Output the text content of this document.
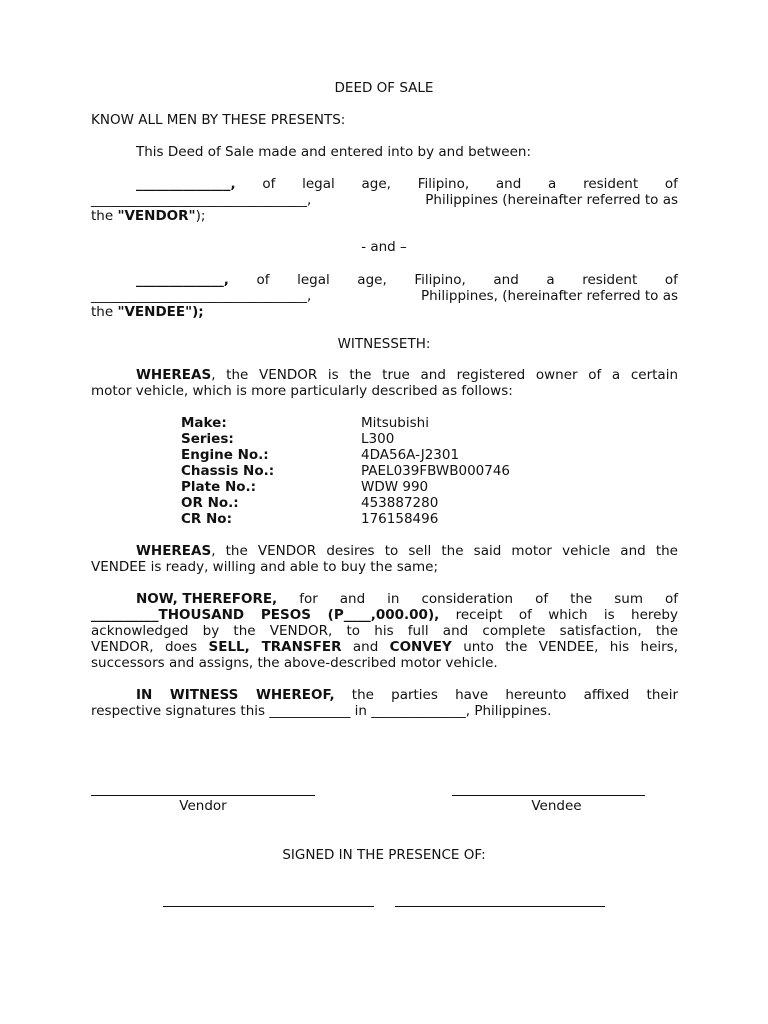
DEED OF SALE
KNOW ALL MEN BY THESE PRESENTS:
This Deed of Sale made and entered into by and between:
______________, of legal age, Filipino, and a resident of
________________________________,	Philippines (hereinafter referred to as
the "VENDOR");
- and –
_____________, of legal age, Filipino, and a resident of
________________________________,	Philippines, (hereinafter referred to as
the "VENDEE");
WITNESSETH:
WHEREAS, the VENDOR is the true and registered owner of a certain
motor vehicle, which is more particularly described as follows:
Make:	Mitsubishi
Series:	L300
Engine No.:	4DA56A-J2301
Chassis No.:	PAEL039FBWB000746
Plate No.:	WDW 990
OR No.:	453887280
CR No:	176158496
WHEREAS, the VENDOR desires to sell the said motor vehicle and the
VENDEE is ready, willing and able to buy the same;
NOW, THEREFORE, for and in consideration of the sum of
__________THOUSAND PESOS (P____,000.00), receipt of which is hereby
acknowledged by the VENDOR, to his full and complete satisfaction, the
VENDOR, does SELL, TRANSFER and CONVEY unto the VENDEE, his heirs,
successors and assigns, the above-described motor vehicle.
IN WITNESS WHEREOF, the parties have hereunto affixed their
respective signatures this ____________ in ______________, Philippines.
Vendor	Vendee
SIGNED IN THE PRESENCE OF:
